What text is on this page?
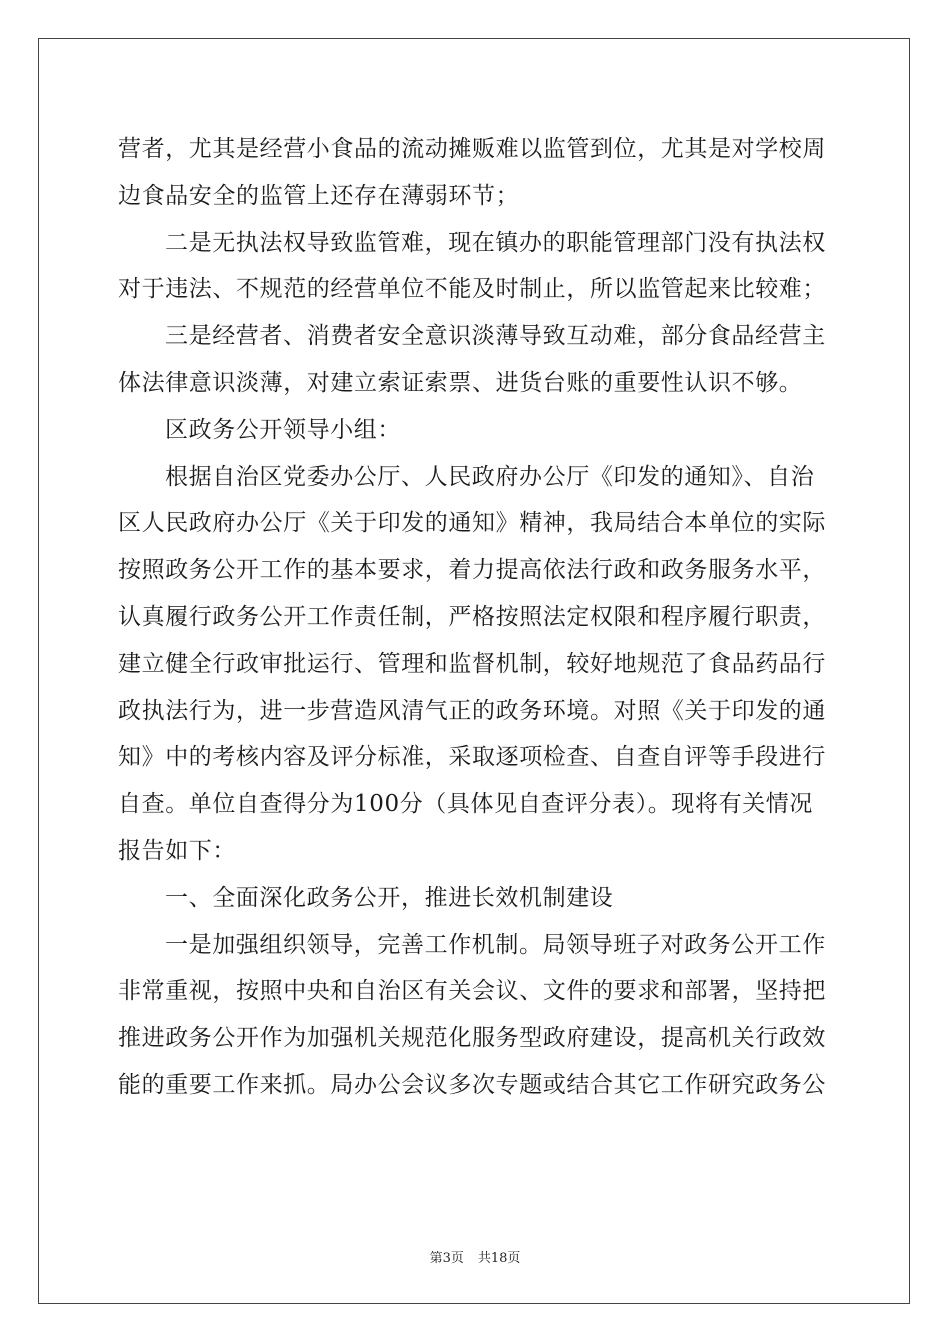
营者，尤其是经营小食品的流动摊贩难以监管到位，尤其是对学校周
边食品安全的监管上还存在薄弱环节；
二是无执法权导致监管难，现在镇办的职能管理部门没有执法权
对于违法、不规范的经营单位不能及时制止，所以监管起来比较难；
三是经营者、消费者安全意识淡薄导致互动难，部分食品经营主
体法律意识淡薄，对建立索证索票、进货台账的重要性认识不够。
区政务公开领导小组：
根据自治区党委办公厅、人民政府办公厅《印发的通知》、自治
区人民政府办公厅《关于印发的通知》精神，我局结合本单位的实际
按照政务公开工作的基本要求，着力提高依法行政和政务服务水平，
认真履行政务公开工作责任制，严格按照法定权限和程序履行职责，
建立健全行政审批运行、管理和监督机制，较好地规范了食品药品行
政执法行为，进一步营造风清气正的政务环境。对照《关于印发的通
知》中的考核内容及评分标准，采取逐项检查、自查自评等手段进行
自查。单位自查得分为100分（具体见自查评分表）。现将有关情况
报告如下：
一、全面深化政务公开，推进长效机制建设
一是加强组织领导，完善工作机制。局领导班子对政务公开工作
非常重视，按照中央和自治区有关会议、文件的要求和部署，坚持把
推进政务公开作为加强机关规范化服务型政府建设，提高机关行政效
能的重要工作来抓。局办公会议多次专题或结合其它工作研究政务公
第3页 共18页
